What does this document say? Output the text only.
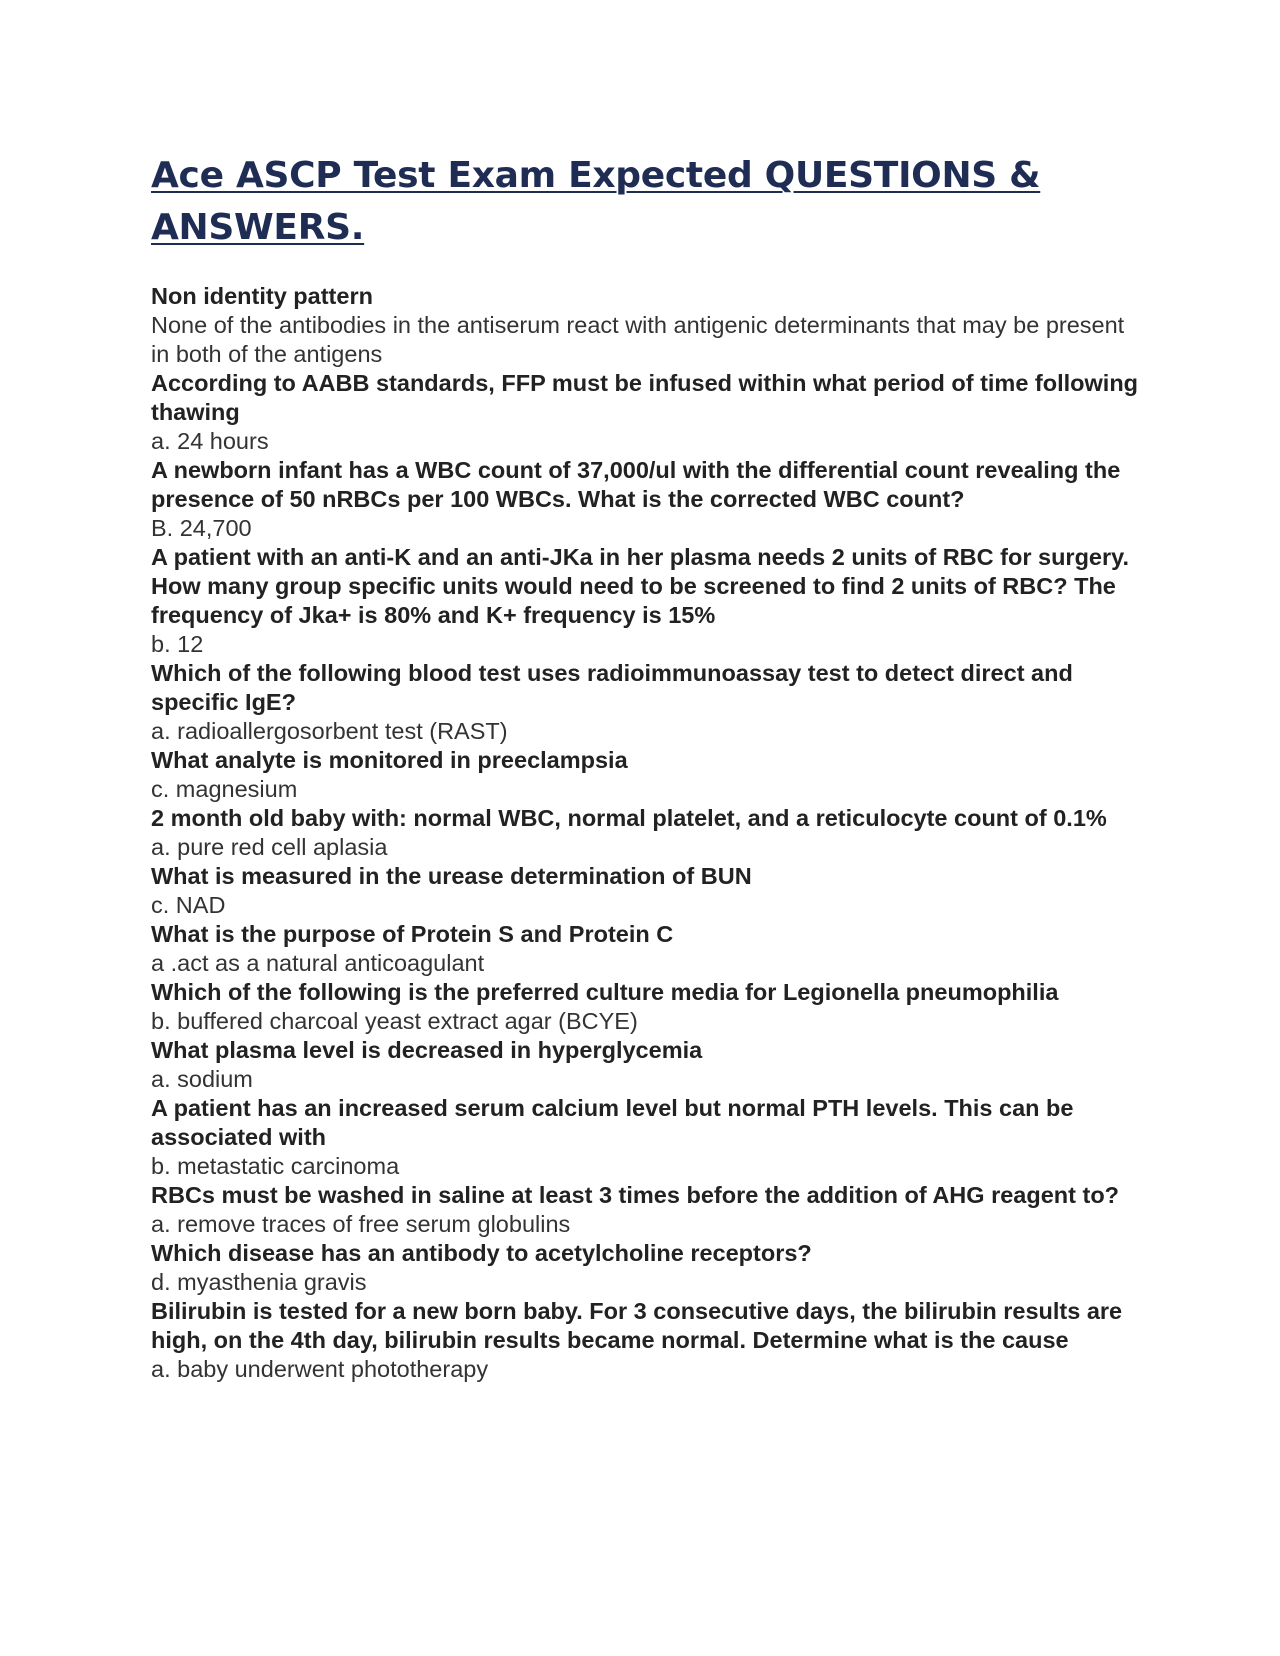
Ace ASCP Test Exam Expected QUESTIONS & ANSWERS.

Non identity pattern

None of the antibodies in the antiserum react with antigenic determinants that may be present in both of the antigens

According to AABB standards, FFP must be infused within what period of time following thawing

a. 24 hours

A newborn infant has a WBC count of 37,000/ul with the differential count revealing the presence of 50 nRBCs per 100 WBCs. What is the corrected WBC count?

B. 24,700

A patient with an anti-K and an anti-JKa in her plasma needs 2 units of RBC for surgery. How many group specific units would need to be screened to find 2 units of RBC? The frequency of Jka+ is 80% and K+ frequency is 15%

b. 12

Which of the following blood test uses radioimmunoassay test to detect direct and specific IgE?

a. radioallergosorbent test (RAST)

What analyte is monitored in preeclampsia

c. magnesium

2 month old baby with: normal WBC, normal platelet, and a reticulocyte count of 0.1%

a. pure red cell aplasia

What is measured in the urease determination of BUN

c. NAD

What is the purpose of Protein S and Protein C

a .act as a natural anticoagulant

Which of the following is the preferred culture media for Legionella pneumophilia

b. buffered charcoal yeast extract agar (BCYE)

What plasma level is decreased in hyperglycemia

a. sodium

A patient has an increased serum calcium level but normal PTH levels. This can be associated with

b. metastatic carcinoma

RBCs must be washed in saline at least 3 times before the addition of AHG reagent to?

a. remove traces of free serum globulins

Which disease has an antibody to acetylcholine receptors?

d. myasthenia gravis

Bilirubin is tested for a new born baby. For 3 consecutive days, the bilirubin results are high, on the 4th day, bilirubin results became normal. Determine what is the cause

a. baby underwent phototherapy
